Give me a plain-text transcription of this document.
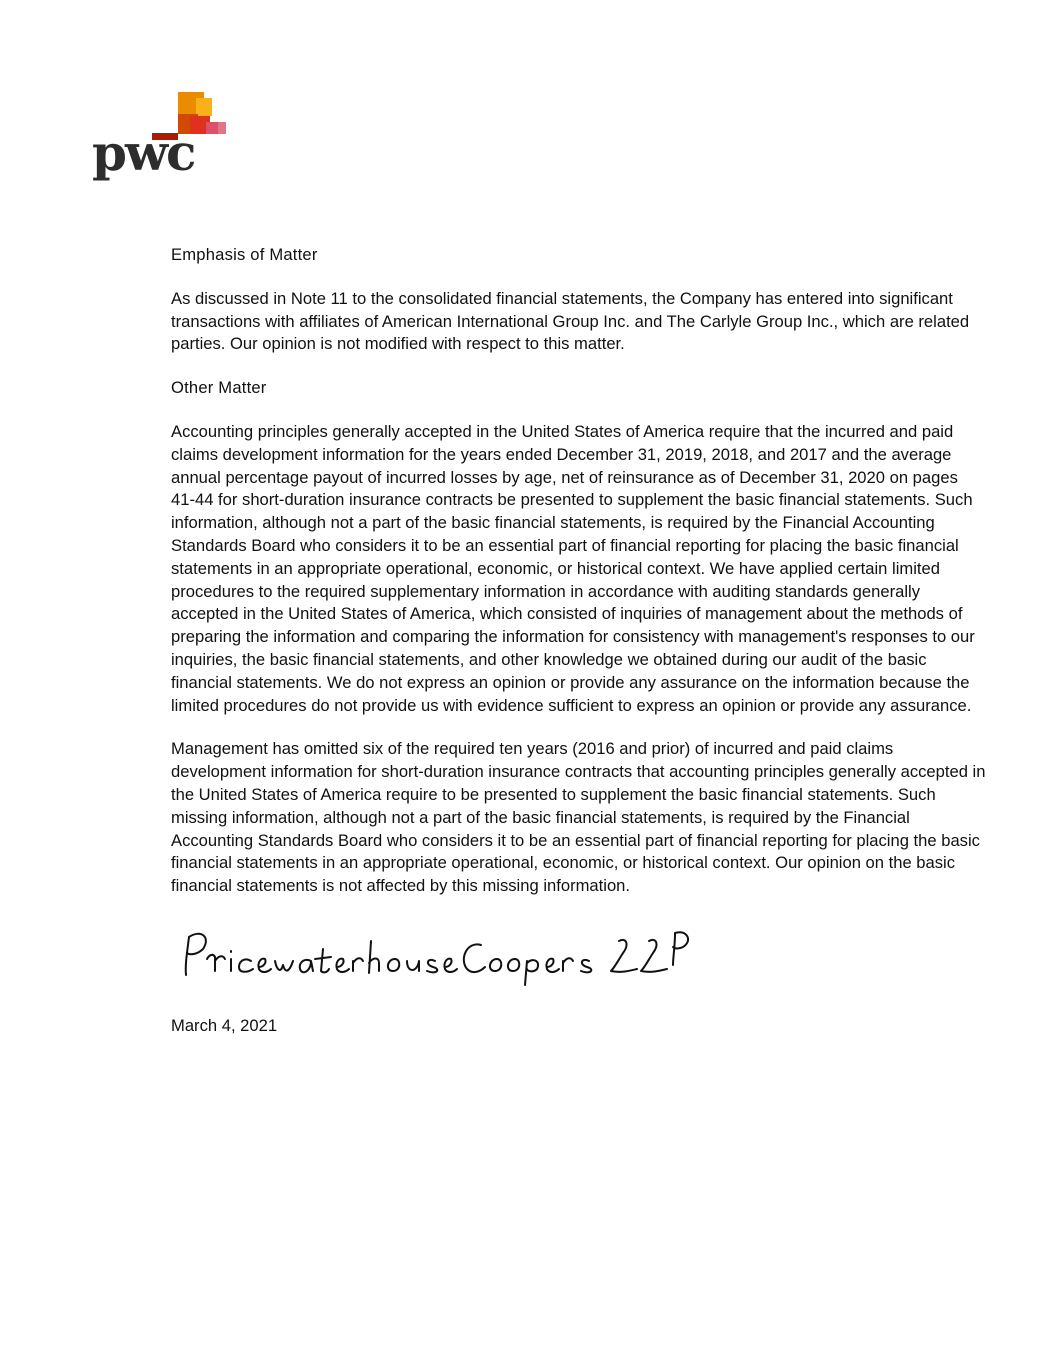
pwc
Emphasis of Matter
As discussed in Note 11 to the consolidated financial statements, the Company has entered into significant transactions with affiliates of American International Group Inc. and The Carlyle Group Inc., which are related parties. Our opinion is not modified with respect to this matter.
Other Matter
Accounting principles generally accepted in the United States of America require that the incurred and paid claims development information for the years ended December 31, 2019, 2018, and 2017 and the average annual percentage payout of incurred losses by age, net of reinsurance as of December 31, 2020 on pages 41-44 for short-duration insurance contracts be presented to supplement the basic financial statements. Such information, although not a part of the basic financial statements, is required by the Financial Accounting Standards Board who considers it to be an essential part of financial reporting for placing the basic financial statements in an appropriate operational, economic, or historical context. We have applied certain limited procedures to the required supplementary information in accordance with auditing standards generally accepted in the United States of America, which consisted of inquiries of management about the methods of preparing the information and comparing the information for consistency with management's responses to our inquiries, the basic financial statements, and other knowledge we obtained during our audit of the basic financial statements. We do not express an opinion or provide any assurance on the information because the limited procedures do not provide us with evidence sufficient to express an opinion or provide any assurance.
Management has omitted six of the required ten years (2016 and prior) of incurred and paid claims development information for short-duration insurance contracts that accounting principles generally accepted in the United States of America require to be presented to supplement the basic financial statements. Such missing information, although not a part of the basic financial statements, is required by the Financial Accounting Standards Board who considers it to be an essential part of financial reporting for placing the basic financial statements in an appropriate operational, economic, or historical context. Our opinion on the basic financial statements is not affected by this missing information.
March 4, 2021
